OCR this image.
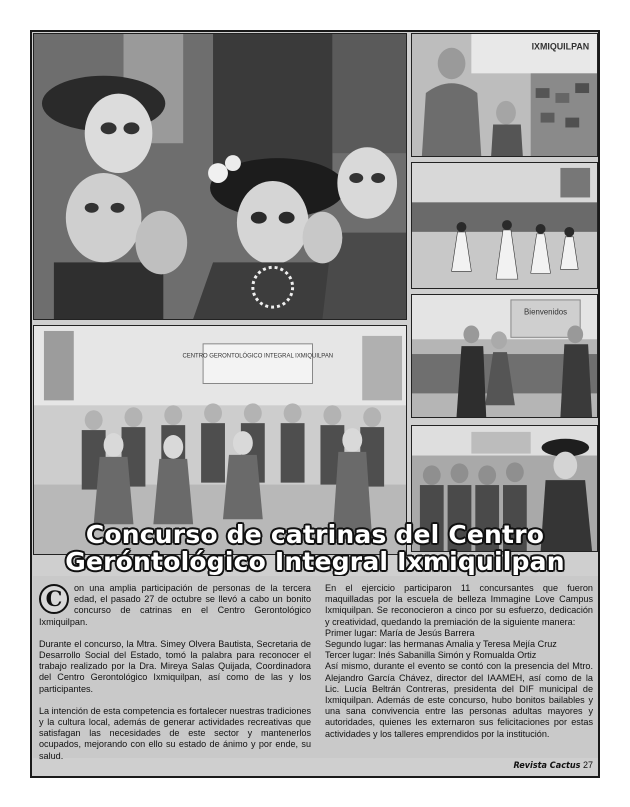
IXMIQUILPAN
Bienvenidos
CENTRO GERONTOLÓGICO INTEGRAL IXMIQUILPAN
Concurso de catrinas del Centro
Geróntológico Integral Ixmiquilpan

C	on una amplia participación de personas de la tercera edad, el pasado 27 de octubre se llevó a cabo un bonito concurso de catrinas en el Centro Gerontológico Ixmiquilpan.

Durante el concurso, la Mtra. Simey Olvera Bautista, Secretaria de Desarrollo Social del Estado, tomó la palabra para reconocer el trabajo realizado por la Dra. Mireya Salas Quijada, Coordinadora del Centro Gerontológico Ixmiquilpan, así como de las y los participantes.

La intención de esta competencia es fortalecer nuestras tradiciones y la cultura local, además de generar actividades recreativas que satisfagan las necesidades de este sector y mantenerlos ocupados, mejorando con ello su estado de ánimo y por ende, su salud.

En el ejercicio participaron 11 concursantes que fueron maquilladas por la escuela de belleza Immagine Love Campus Ixmiquilpan. Se reconocieron a cinco por su esfuerzo, dedicación y creatividad, quedando la premiación de la siguiente manera:
Primer lugar: María de Jesús Barrera
Segundo lugar: las hermanas Amalia y Teresa Mejía Cruz
Tercer lugar: Inés Sabanilla Simón y Romualda Ortiz

Así mismo, durante el evento se contó con la presencia del Mtro. Alejandro García Chávez, director del IAAMEH, así como de la Lic. Lucía Beltrán Contreras, presidenta del DIF municipal de Ixmiquilpan. Además de este concurso, hubo bonitos bailables y una sana convivencia entre las personas adultas mayores y autoridades, quienes les externaron sus felicitaciones por estas actividades y los talleres emprendidos por la institución.

Revista Cactus 27
